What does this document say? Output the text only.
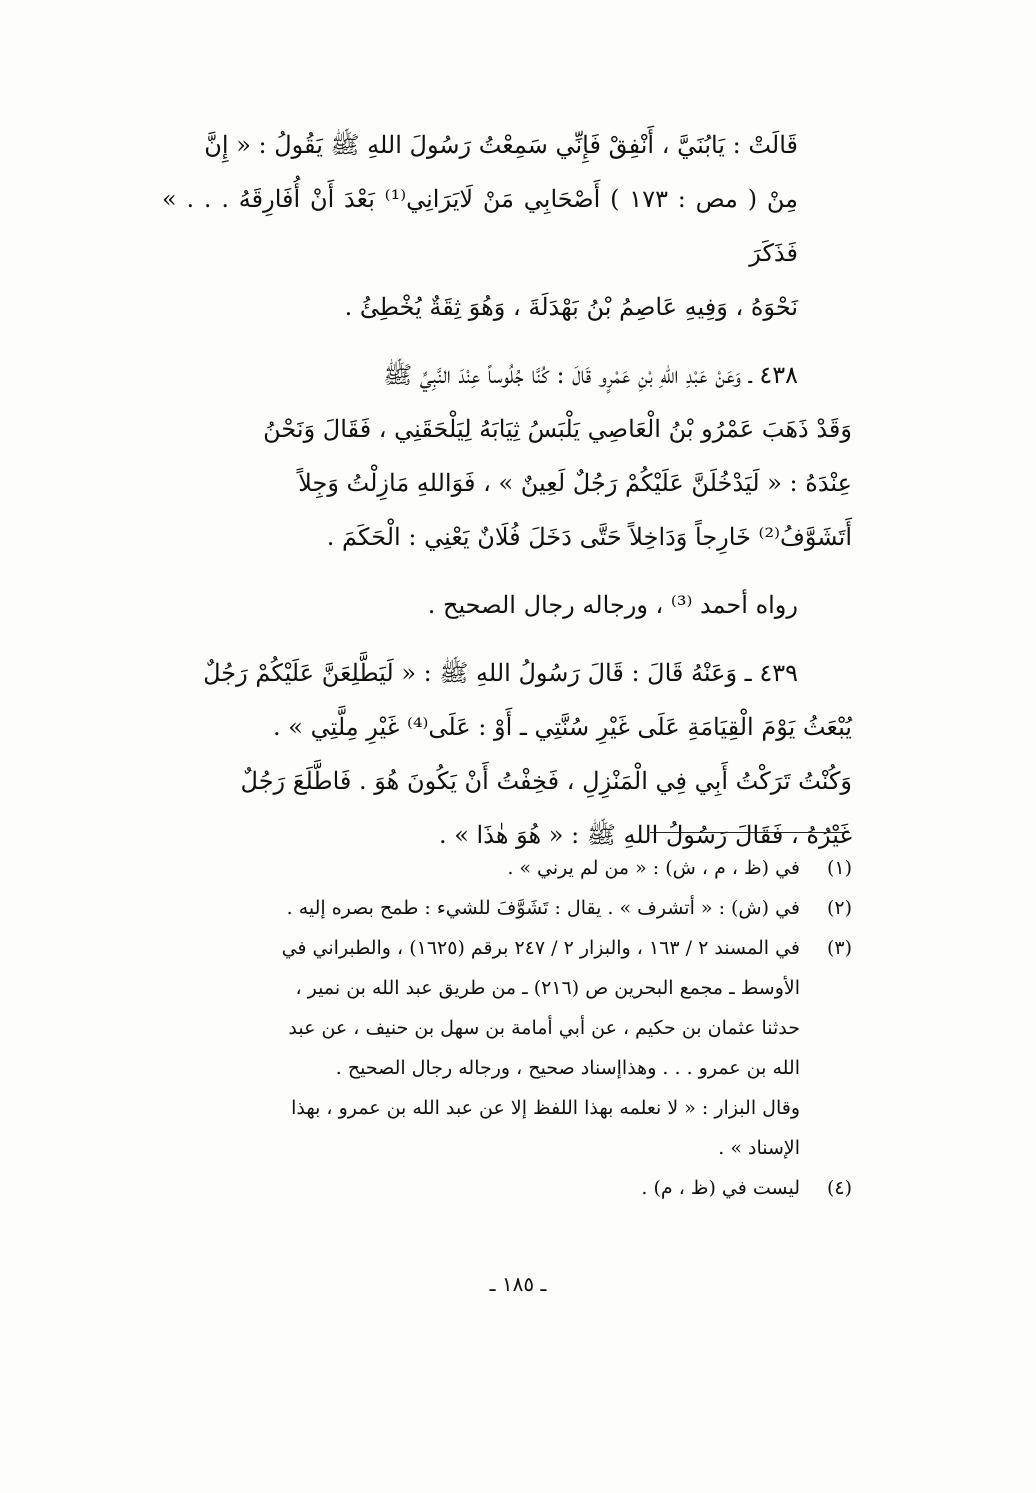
قَالَتْ : يَابُنَيَّ ، أَنْفِقْ فَإِنِّي سَمِعْتُ رَسُولَ اللهِ ﷺ يَقُولُ : « إِنَّ
مِنْ ( مص : ١٧٣ ) أَصْحَابِي مَنْ لَايَرَانِي⁽¹⁾ بَعْدَ أَنْ أُفَارِقَهُ . . . » فَذَكَرَ
نَحْوَهُ ، وَفِيهِ عَاصِمُ بْنُ بَهْدَلَةَ ، وَهُوَ ثِقَةٌ يُخْطِئُ .
٤٣٨ ـ وَعَنْ عَبْدِ اللهِ بْنِ عَمْرٍو قَالَ : كُنَّا جُلُوساً عِنْدَ النَّبِيِّ ﷺ
وَقَدْ ذَهَبَ عَمْرُو بْنُ الْعَاصِي يَلْبَسُ ثِيَابَهُ لِيَلْحَقَنِي ، فَقَالَ وَنَحْنُ
عِنْدَهُ : « لَيَدْخُلَنَّ عَلَيْكُمْ رَجُلٌ لَعِينٌ » ، فَوَاللهِ مَازِلْتُ وَجِلاً
أَتَشَوَّفُ⁽²⁾ خَارِجاً وَدَاخِلاً حَتَّى دَخَلَ فُلَانٌ يَعْنِي : الْحَكَمَ .
رواه أحمد ⁽³⁾ ، ورجاله رجال الصحيح .
٤٣٩ ـ وَعَنْهُ قَالَ : قَالَ رَسُولُ اللهِ ﷺ : « لَيَطَّلِعَنَّ عَلَيْكُمْ رَجُلٌ
يُبْعَثُ يَوْمَ الْقِيَامَةِ عَلَى غَيْرِ سُنَّتِي ـ أَوْ : عَلَى⁽⁴⁾ غَيْرِ مِلَّتِي » .
وَكُنْتُ تَرَكْتُ أَبِي فِي الْمَنْزِلِ ، فَخِفْتُ أَنْ يَكُونَ هُوَ . فَاطَّلَعَ رَجُلٌ
غَيْرُهُ ، فَقَالَ رَسُولُ اللهِ ﷺ : « هُوَ هٰذَا » .
(١)
في (ظ ، م ، ش) : « من لم يرني » .
(٢)
في (ش) : « أتشرف » . يقال : تَشَوَّفَ للشيء : طمح بصره إليه .
(٣)
في المسند ٢ / ١٦٣ ، والبزار ٢ / ٢٤٧ برقم (١٦٢٥) ، والطبراني في
الأوسط ـ مجمع البحرين ص (٢١٦) ـ من طريق عبد الله بن نمير ،
حدثنا عثمان بن حكيم ، عن أبي أمامة بن سهل بن حنيف ، عن عبد
الله بن عمرو . . . وهذاإسناد صحيح ، ورجاله رجال الصحيح .
وقال البزار : « لا نعلمه بهذا اللفظ إلا عن عبد الله بن عمرو ، بهذا
الإسناد » .
(٤)
ليست في (ظ ، م) .
ـ ١٨٥ ـ
